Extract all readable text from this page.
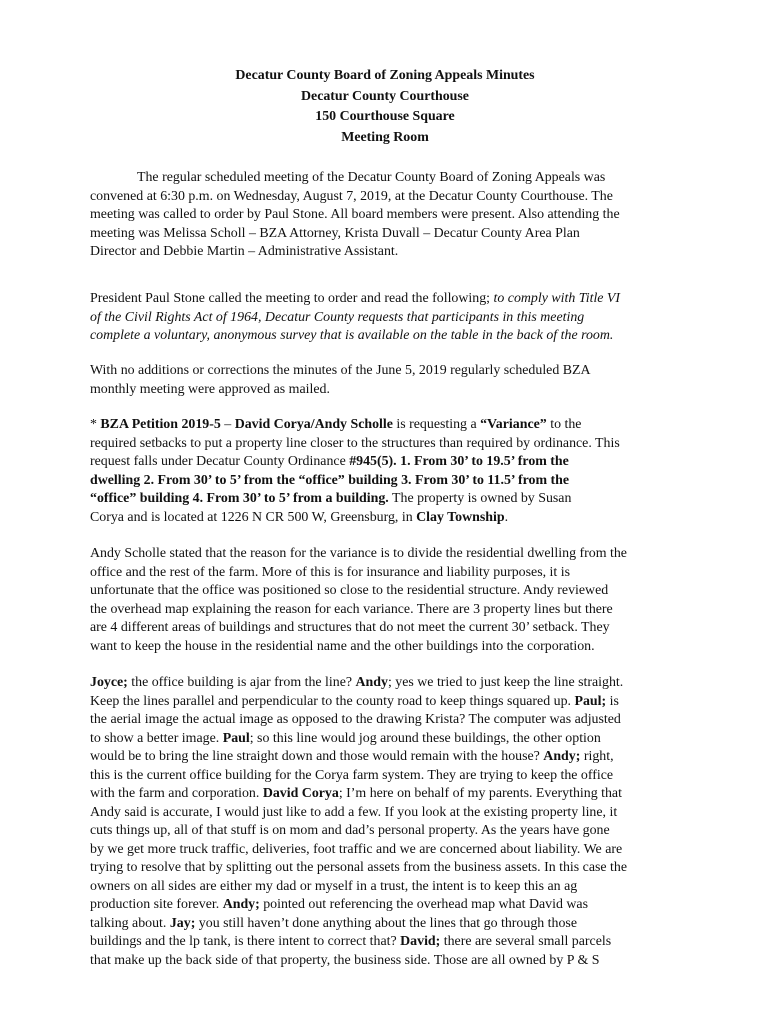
Decatur County Board of Zoning Appeals Minutes
Decatur County Courthouse
150 Courthouse Square
Meeting Room
The regular scheduled meeting of the Decatur County Board of Zoning Appeals was
convened at 6:30 p.m. on Wednesday, August 7, 2019, at the Decatur County Courthouse. The
meeting was called to order by Paul Stone. All board members were present. Also attending the
meeting was Melissa Scholl – BZA Attorney, Krista Duvall – Decatur County Area Plan
Director and Debbie Martin – Administrative Assistant.
President Paul Stone called the meeting to order and read the following; to comply with Title VI
of the Civil Rights Act of 1964, Decatur County requests that participants in this meeting
complete a voluntary, anonymous survey that is available on the table in the back of the room.
With no additions or corrections the minutes of the June 5, 2019 regularly scheduled BZA
monthly meeting were approved as mailed.
* BZA Petition 2019-5 – David Corya/Andy Scholle is requesting a “Variance” to the
required setbacks to put a property line closer to the structures than required by ordinance. This
request falls under Decatur County Ordinance #945(5). 1. From 30’ to 19.5’ from the
dwelling 2. From 30’ to 5’ from the “office” building 3. From 30’ to 11.5’ from the
“office” building 4. From 30’ to 5’ from a building. The property is owned by Susan
Corya and is located at 1226 N CR 500 W, Greensburg, in Clay Township.
Andy Scholle stated that the reason for the variance is to divide the residential dwelling from the
office and the rest of the farm. More of this is for insurance and liability purposes, it is
unfortunate that the office was positioned so close to the residential structure. Andy reviewed
the overhead map explaining the reason for each variance. There are 3 property lines but there
are 4 different areas of buildings and structures that do not meet the current 30’ setback. They
want to keep the house in the residential name and the other buildings into the corporation.
Joyce; the office building is ajar from the line? Andy; yes we tried to just keep the line straight.
Keep the lines parallel and perpendicular to the county road to keep things squared up. Paul; is
the aerial image the actual image as opposed to the drawing Krista? The computer was adjusted
to show a better image. Paul; so this line would jog around these buildings, the other option
would be to bring the line straight down and those would remain with the house? Andy; right,
this is the current office building for the Corya farm system. They are trying to keep the office
with the farm and corporation. David Corya; I’m here on behalf of my parents. Everything that
Andy said is accurate, I would just like to add a few. If you look at the existing property line, it
cuts things up, all of that stuff is on mom and dad’s personal property. As the years have gone
by we get more truck traffic, deliveries, foot traffic and we are concerned about liability. We are
trying to resolve that by splitting out the personal assets from the business assets. In this case the
owners on all sides are either my dad or myself in a trust, the intent is to keep this an ag
production site forever. Andy; pointed out referencing the overhead map what David was
talking about. Jay; you still haven’t done anything about the lines that go through those
buildings and the lp tank, is there intent to correct that? David; there are several small parcels
that make up the back side of that property, the business side. Those are all owned by P & S
